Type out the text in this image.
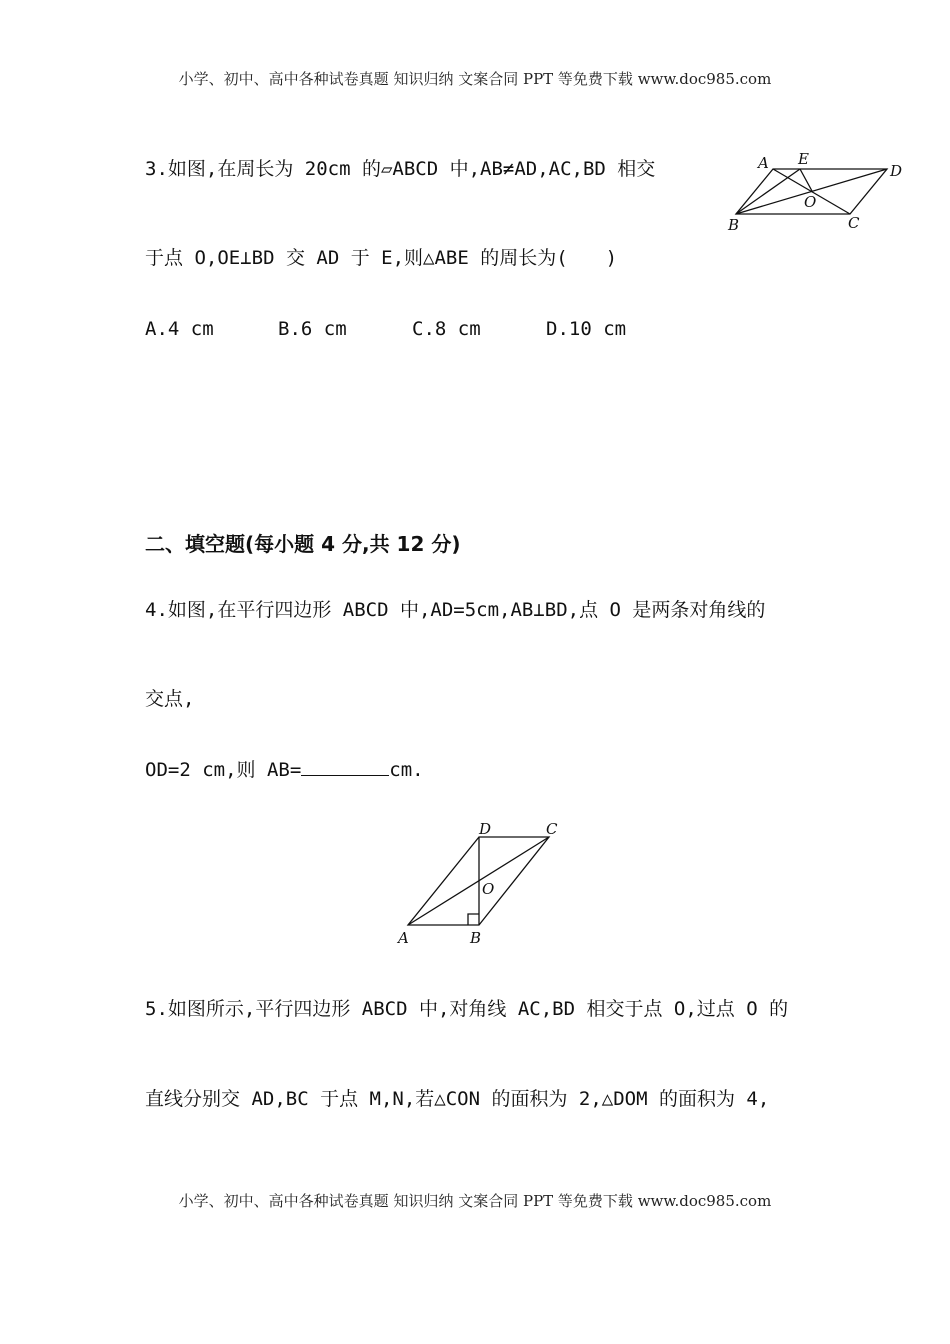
小学、初中、高中各种试卷真题 知识归纳 文案合同 PPT 等免费下载 www.doc985.com
3.如图,在周长为 20cm 的▱ABCD 中,AB≠AD,AC,BD 相交
于点 O,OE⊥BD 交 AD 于 E,则△ABE 的周长为(　　)
A.4 cm	B.6 cm	C.8 cm	D.10 cm
A E
D
O
B	C
二、填空题(每小题 4 分,共 12 分)
4.如图,在平行四边形 ABCD 中,AD=5cm,AB⊥BD,点 O 是两条对角线的
交点,
OD=2 cm,则 AB=	cm.
D	C
O
A	B
5.如图所示,平行四边形 ABCD 中,对角线 AC,BD 相交于点 O,过点 O 的
直线分别交 AD,BC 于点 M,N,若△CON 的面积为 2,△DOM 的面积为 4,
小学、初中、高中各种试卷真题 知识归纳 文案合同 PPT 等免费下载 www.doc985.com
